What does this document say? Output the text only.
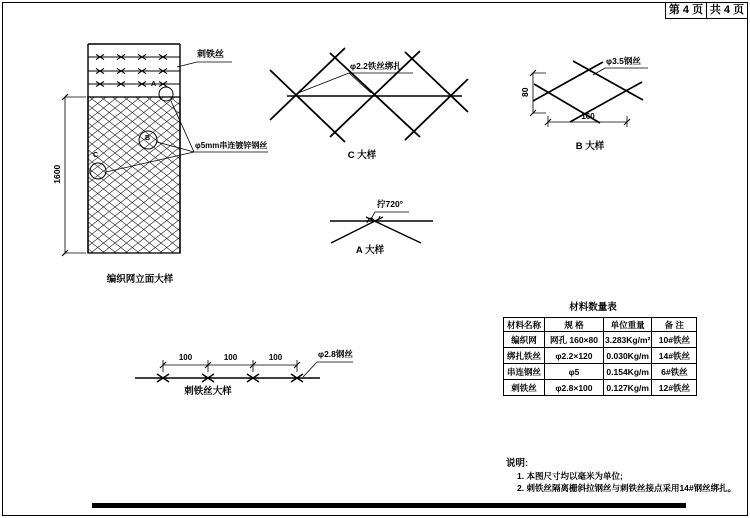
第 4 页 共 4 页
刺铁丝
φ5mm串连镀锌钢丝
A
B
C
1600
编织网立面大样
φ2.2铁丝绑扎
C 大样
φ3.5钢丝
80
160
B 大样
拧720°
A 大样
100	100	100	φ2.8钢丝
刺铁丝大样
材料数量表
材料名称	规 格	单位重量	备 注
编织网	网孔 160×80	3.283Kg/m²	10#铁丝
绑扎铁丝	φ2.2×120	0.030Kg/m	14#铁丝
串连钢丝	φ5	0.154Kg/m	6#铁丝
刺铁丝	φ2.8×100	0.127Kg/m	12#铁丝
说明:
1. 本图尺寸均以毫米为单位;
2. 刺铁丝隔离栅斜拉钢丝与刺铁丝接点采用14#钢丝绑扎。
